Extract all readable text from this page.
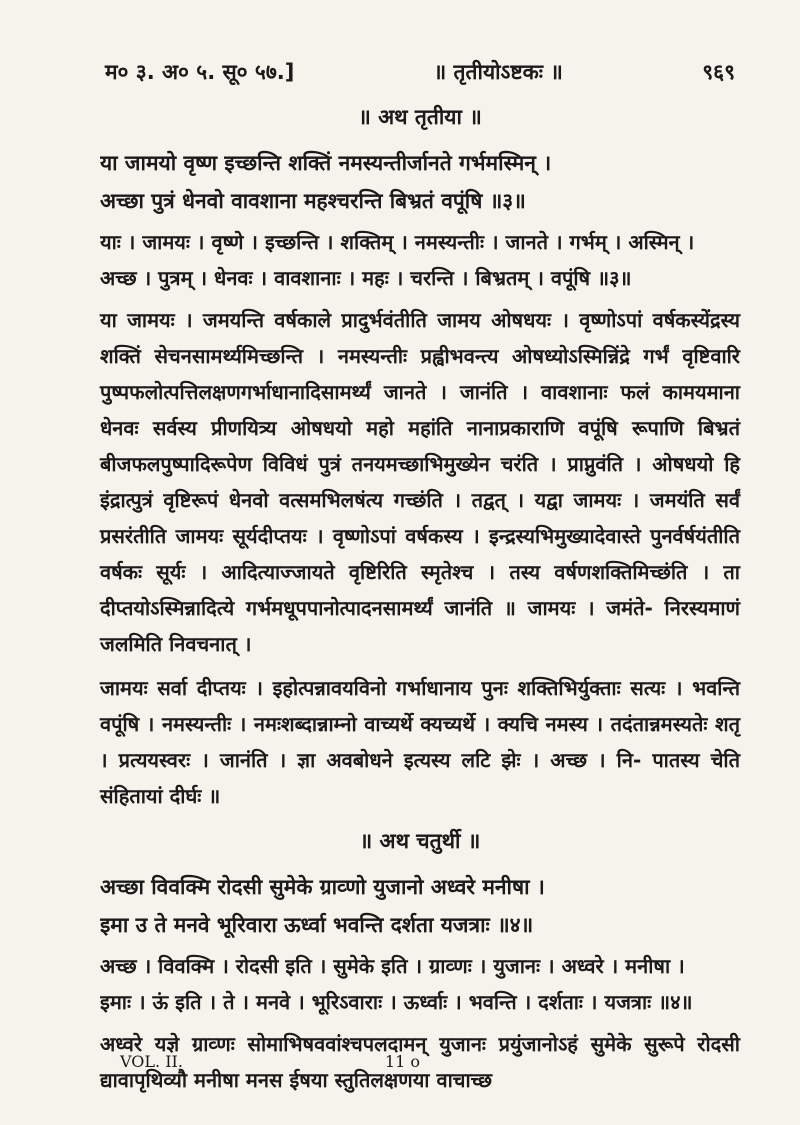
म० ३. अ० ५. सू० ५७.]	॥ तृतीयोऽष्टकः ॥	९६९
॥ अथ तृतीया ॥
या जामयो वृष्ण इच्छन्ति शक्तिं नमस्यन्तीर्जानते गर्भमस्मिन् ।
अच्छा पुत्रं धेनवो वावशाना महश्चरन्ति बिभ्रतं वपूंषि ॥३॥
याः । जामयः । वृष्णे । इच्छन्ति । शक्तिम् । नमस्यन्तीः । जानते । गर्भम् । अस्मिन् ।
अच्छ । पुत्रम् । धेनवः । वावशानाः । महः । चरन्ति । बिभ्रतम् । वपूंषि ॥३॥
या जामयः । जमयन्ति वर्षकाले प्रादुर्भवंतीति जामय ओषधयः । वृष्णोऽपां वर्षकस्येंद्रस्य शक्तिं सेचनसामर्थ्यमिच्छन्ति । नमस्यन्तीः प्रह्वीभवन्त्य ओषध्योऽस्मिन्निंद्रे गर्भं वृष्टिवारि पुष्पफलोत्पत्तिलक्षणगर्भाधानादिसामर्थ्यं जानते । जानंति । वावशानाः फलं कामयमाना धेनवः सर्वस्य प्रीणयित्र्य ओषधयो महो महांति नानाप्रकाराणि वपूंषि रूपाणि बिभ्रतं बीजफलपुष्पादिरूपेण विविधं पुत्रं तनयमच्छाभिमुख्येन चरंति । प्राप्नुवंति । ओषधयो हि इंद्रात्पुत्रं वृष्टिरूपं धेनवो वत्समभिलषंत्य गच्छंति । तद्वत् । यद्वा जामयः । जमयंति सर्वं प्रसरंतीति जामयः सूर्यदीप्तयः । वृष्णोऽपां वर्षकस्य । इन्द्रस्यभिमुख्यादेवास्ते पुनर्वर्षयंतीति वर्षकः सूर्यः । आदित्याज्जायते वृष्टिरिति स्मृतेश्च । तस्य वर्षणशक्तिमिच्छंति । ता दीप्तयोऽस्मिन्नादित्ये गर्भमधूपपानोत्पादनसामर्थ्यं जानंति ॥ जामयः । जमंते- निरस्यमाणं जलमिति निवचनात् ।
जामयः सर्वा दीप्तयः । इहोत्पन्नावयविनो गर्भाधानाय पुनः शक्तिभिर्युक्ताः सत्यः । भवन्ति वपूंषि । नमस्यन्तीः । नमःशब्दान्नाम्नो वाच्यर्थे क्यच्यर्थे । क्यचि नमस्य । तदंतान्नमस्यतेः शतृ । प्रत्ययस्वरः । जानंति । ज्ञा अवबोधने इत्यस्य लटि झेः । अच्छ । नि- पातस्य चेति संहितायां दीर्घः ॥
॥ अथ चतुर्थी ॥
अच्छा विवक्मि रोदसी सुमेके ग्राव्णो युजानो अध्वरे मनीषा ।
इमा उ ते मनवे भूरिवारा ऊर्ध्वा भवन्ति दर्शता यजत्राः ॥४॥
अच्छ । विवक्मि । रोदसी इति । सुमेके इति । ग्राव्णः । युजानः । अध्वरे । मनीषा ।
इमाः । ऊं इति । ते । मनवे । भूरिऽवाराः । ऊर्ध्वाः । भवन्ति । दर्शताः । यजत्राः ॥४॥
अध्वरे यज्ञे ग्राव्णः सोमाभिषववांश्चपलदामन् युजानः प्रयुंजानोऽहं सुमेके सुरूपे रोदसी द्यावापृथिव्यौ मनीषा मनस ईषया स्तुतिलक्षणया वाचाच्छ
VOL. II.	11 o
